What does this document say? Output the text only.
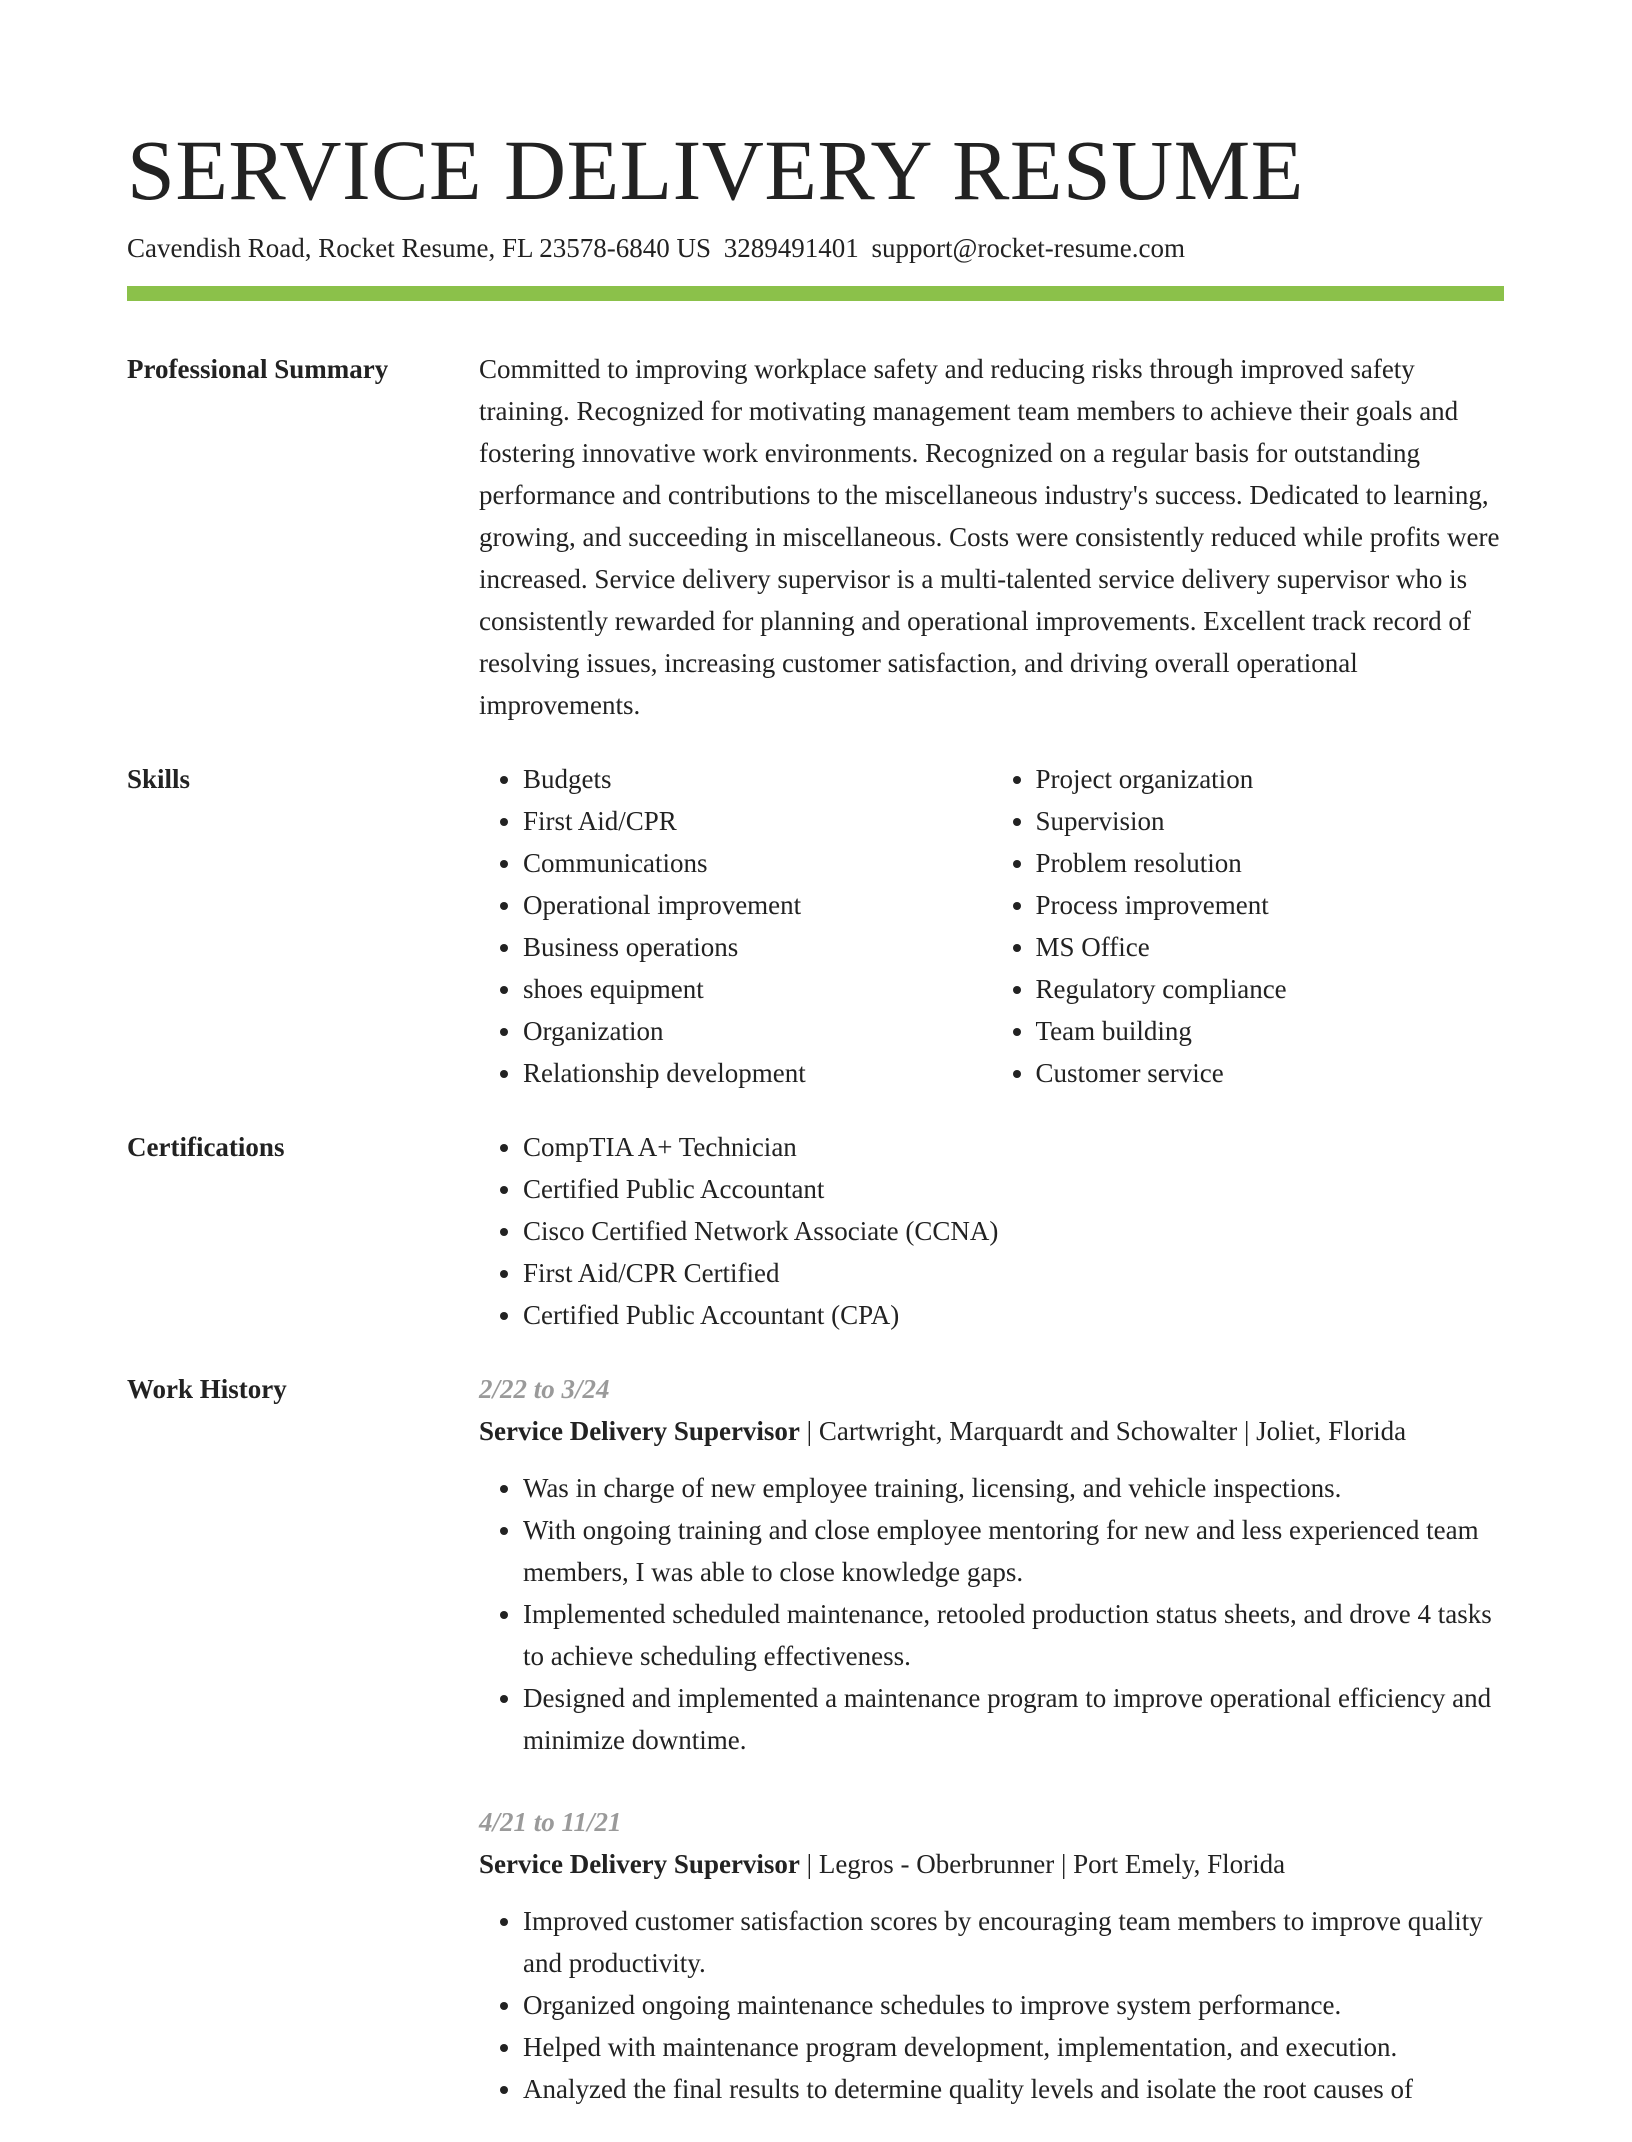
SERVICE DELIVERY RESUME
Cavendish Road, Rocket Resume, FL 23578-6840 US 3289491401 support@rocket-resume.com
Professional Summary	Committed to improving workplace safety and reducing risks through improved safety training. Recognized for motivating management team members to achieve their goals and fostering innovative work environments. Recognized on a regular basis for outstanding performance and contributions to the miscellaneous industry's success. Dedicated to learning, growing, and succeeding in miscellaneous. Costs were consistently reduced while profits were increased. Service delivery supervisor is a multi-talented service delivery supervisor who is consistently rewarded for planning and operational improvements. Excellent track record of resolving issues, increasing customer satisfaction, and driving overall operational improvements.

Skills	• Budgets
• First Aid/CPR
• Communications
• Operational improvement
• Business operations
• shoes equipment
• Organization
• Relationship development
• Project organization
• Supervision
• Problem resolution
• Process improvement
• MS Office
• Regulatory compliance
• Team building
• Customer service
Certifications	• CompTIA A+ Technician
• Certified Public Accountant
• Cisco Certified Network Associate (CCNA)
• First Aid/CPR Certified
• Certified Public Accountant (CPA)
Work History	2/22 to 3/24
Service Delivery Supervisor | Cartwright, Marquardt and Schowalter | Joliet, Florida
• Was in charge of new employee training, licensing, and vehicle inspections.
• With ongoing training and close employee mentoring for new and less experienced team members, I was able to close knowledge gaps.
• Implemented scheduled maintenance, retooled production status sheets, and drove 4 tasks to achieve scheduling effectiveness.
• Designed and implemented a maintenance program to improve operational efficiency and minimize downtime.
4/21 to 11/21
Service Delivery Supervisor | Legros - Oberbrunner | Port Emely, Florida
• Improved customer satisfaction scores by encouraging team members to improve quality and productivity.
• Organized ongoing maintenance schedules to improve system performance.
• Helped with maintenance program development, implementation, and execution.
• Analyzed the final results to determine quality levels and isolate the root causes of
